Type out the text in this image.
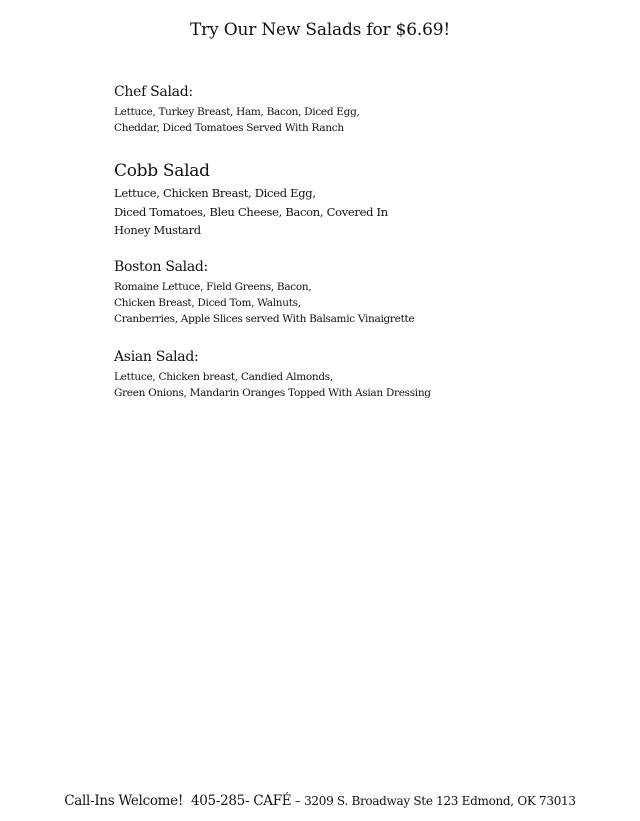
Try Our New Salads for $6.69!
Chef Salad:
Lettuce, Turkey Breast, Ham, Bacon, Diced Egg,
Cheddar, Diced Tomatoes Served With Ranch
Cobb Salad
Lettuce, Chicken Breast, Diced Egg,
Diced Tomatoes, Bleu Cheese, Bacon, Covered In
Honey Mustard
Boston Salad:
Romaine Lettuce, Field Greens, Bacon,
Chicken Breast, Diced Tom, Walnuts,
Cranberries, Apple Slices served With Balsamic Vinaigrette
Asian Salad:
Lettuce, Chicken breast, Candied Almonds,
Green Onions, Mandarin Oranges Topped With Asian Dressing
Call-Ins Welcome! 405-285- CAFÉ – 3209 S. Broadway Ste 123 Edmond, OK 73013
